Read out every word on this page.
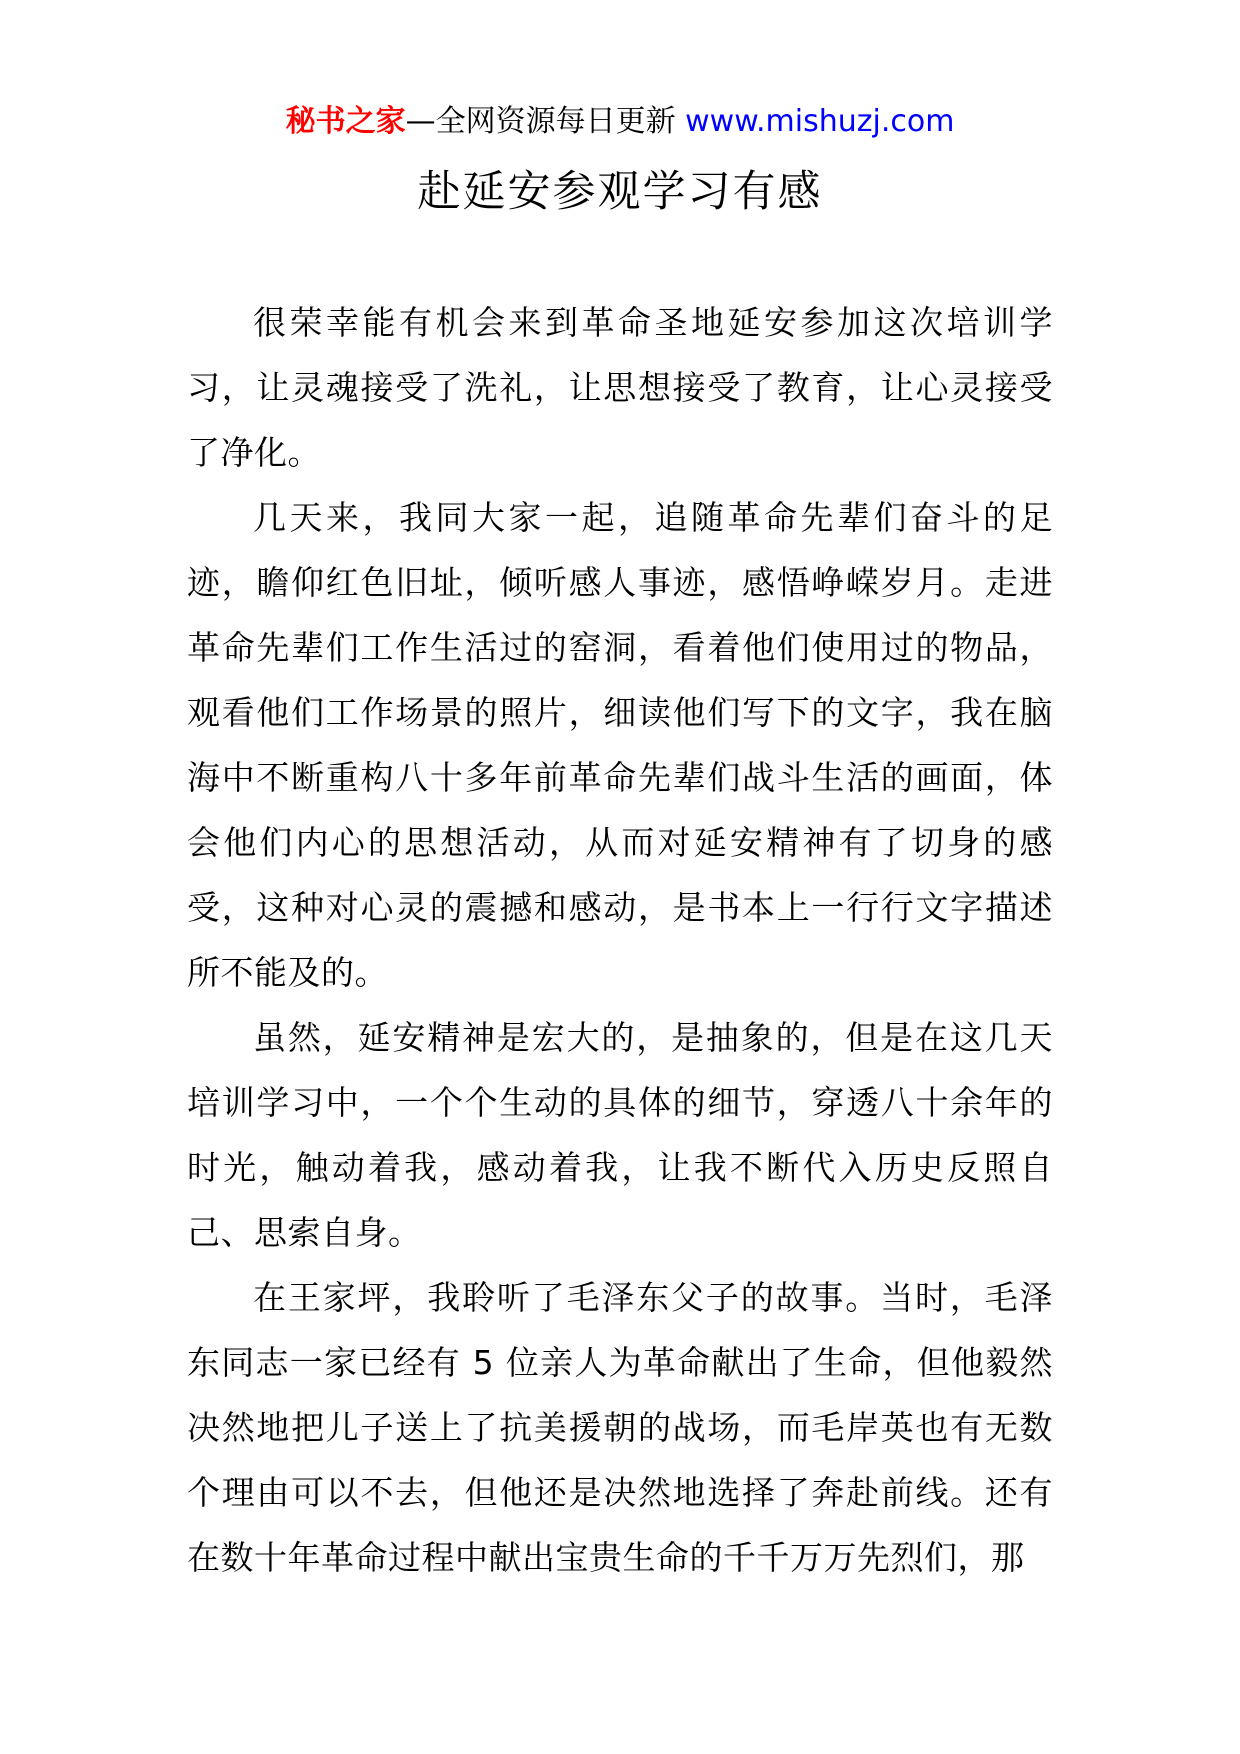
秘书之家—全网资源每日更新 www.mishuzj.com
赴延安参观学习有感

很荣幸能有机会来到革命圣地延安参加这次培训学习，让灵魂接受了洗礼，让思想接受了教育，让心灵接受了净化。

几天来，我同大家一起，追随革命先辈们奋斗的足迹，瞻仰红色旧址，倾听感人事迹，感悟峥嵘岁月。走进革命先辈们工作生活过的窑洞，看着他们使用过的物品，观看他们工作场景的照片，细读他们写下的文字，我在脑海中不断重构八十多年前革命先辈们战斗生活的画面，体会他们内心的思想活动，从而对延安精神有了切身的感受，这种对心灵的震撼和感动，是书本上一行行文字描述所不能及的。

虽然，延安精神是宏大的，是抽象的，但是在这几天培训学习中，一个个生动的具体的细节，穿透八十余年的时光，触动着我，感动着我，让我不断代入历史反照自己、思索自身。

在王家坪，我聆听了毛泽东父子的故事。当时，毛泽东同志一家已经有 5 位亲人为革命献出了生命，但他毅然决然地把儿子送上了抗美援朝的战场，而毛岸英也有无数个理由可以不去，但他还是决然地选择了奔赴前线。还有在数十年革命过程中献出宝贵生命的千千万万先烈们，那
